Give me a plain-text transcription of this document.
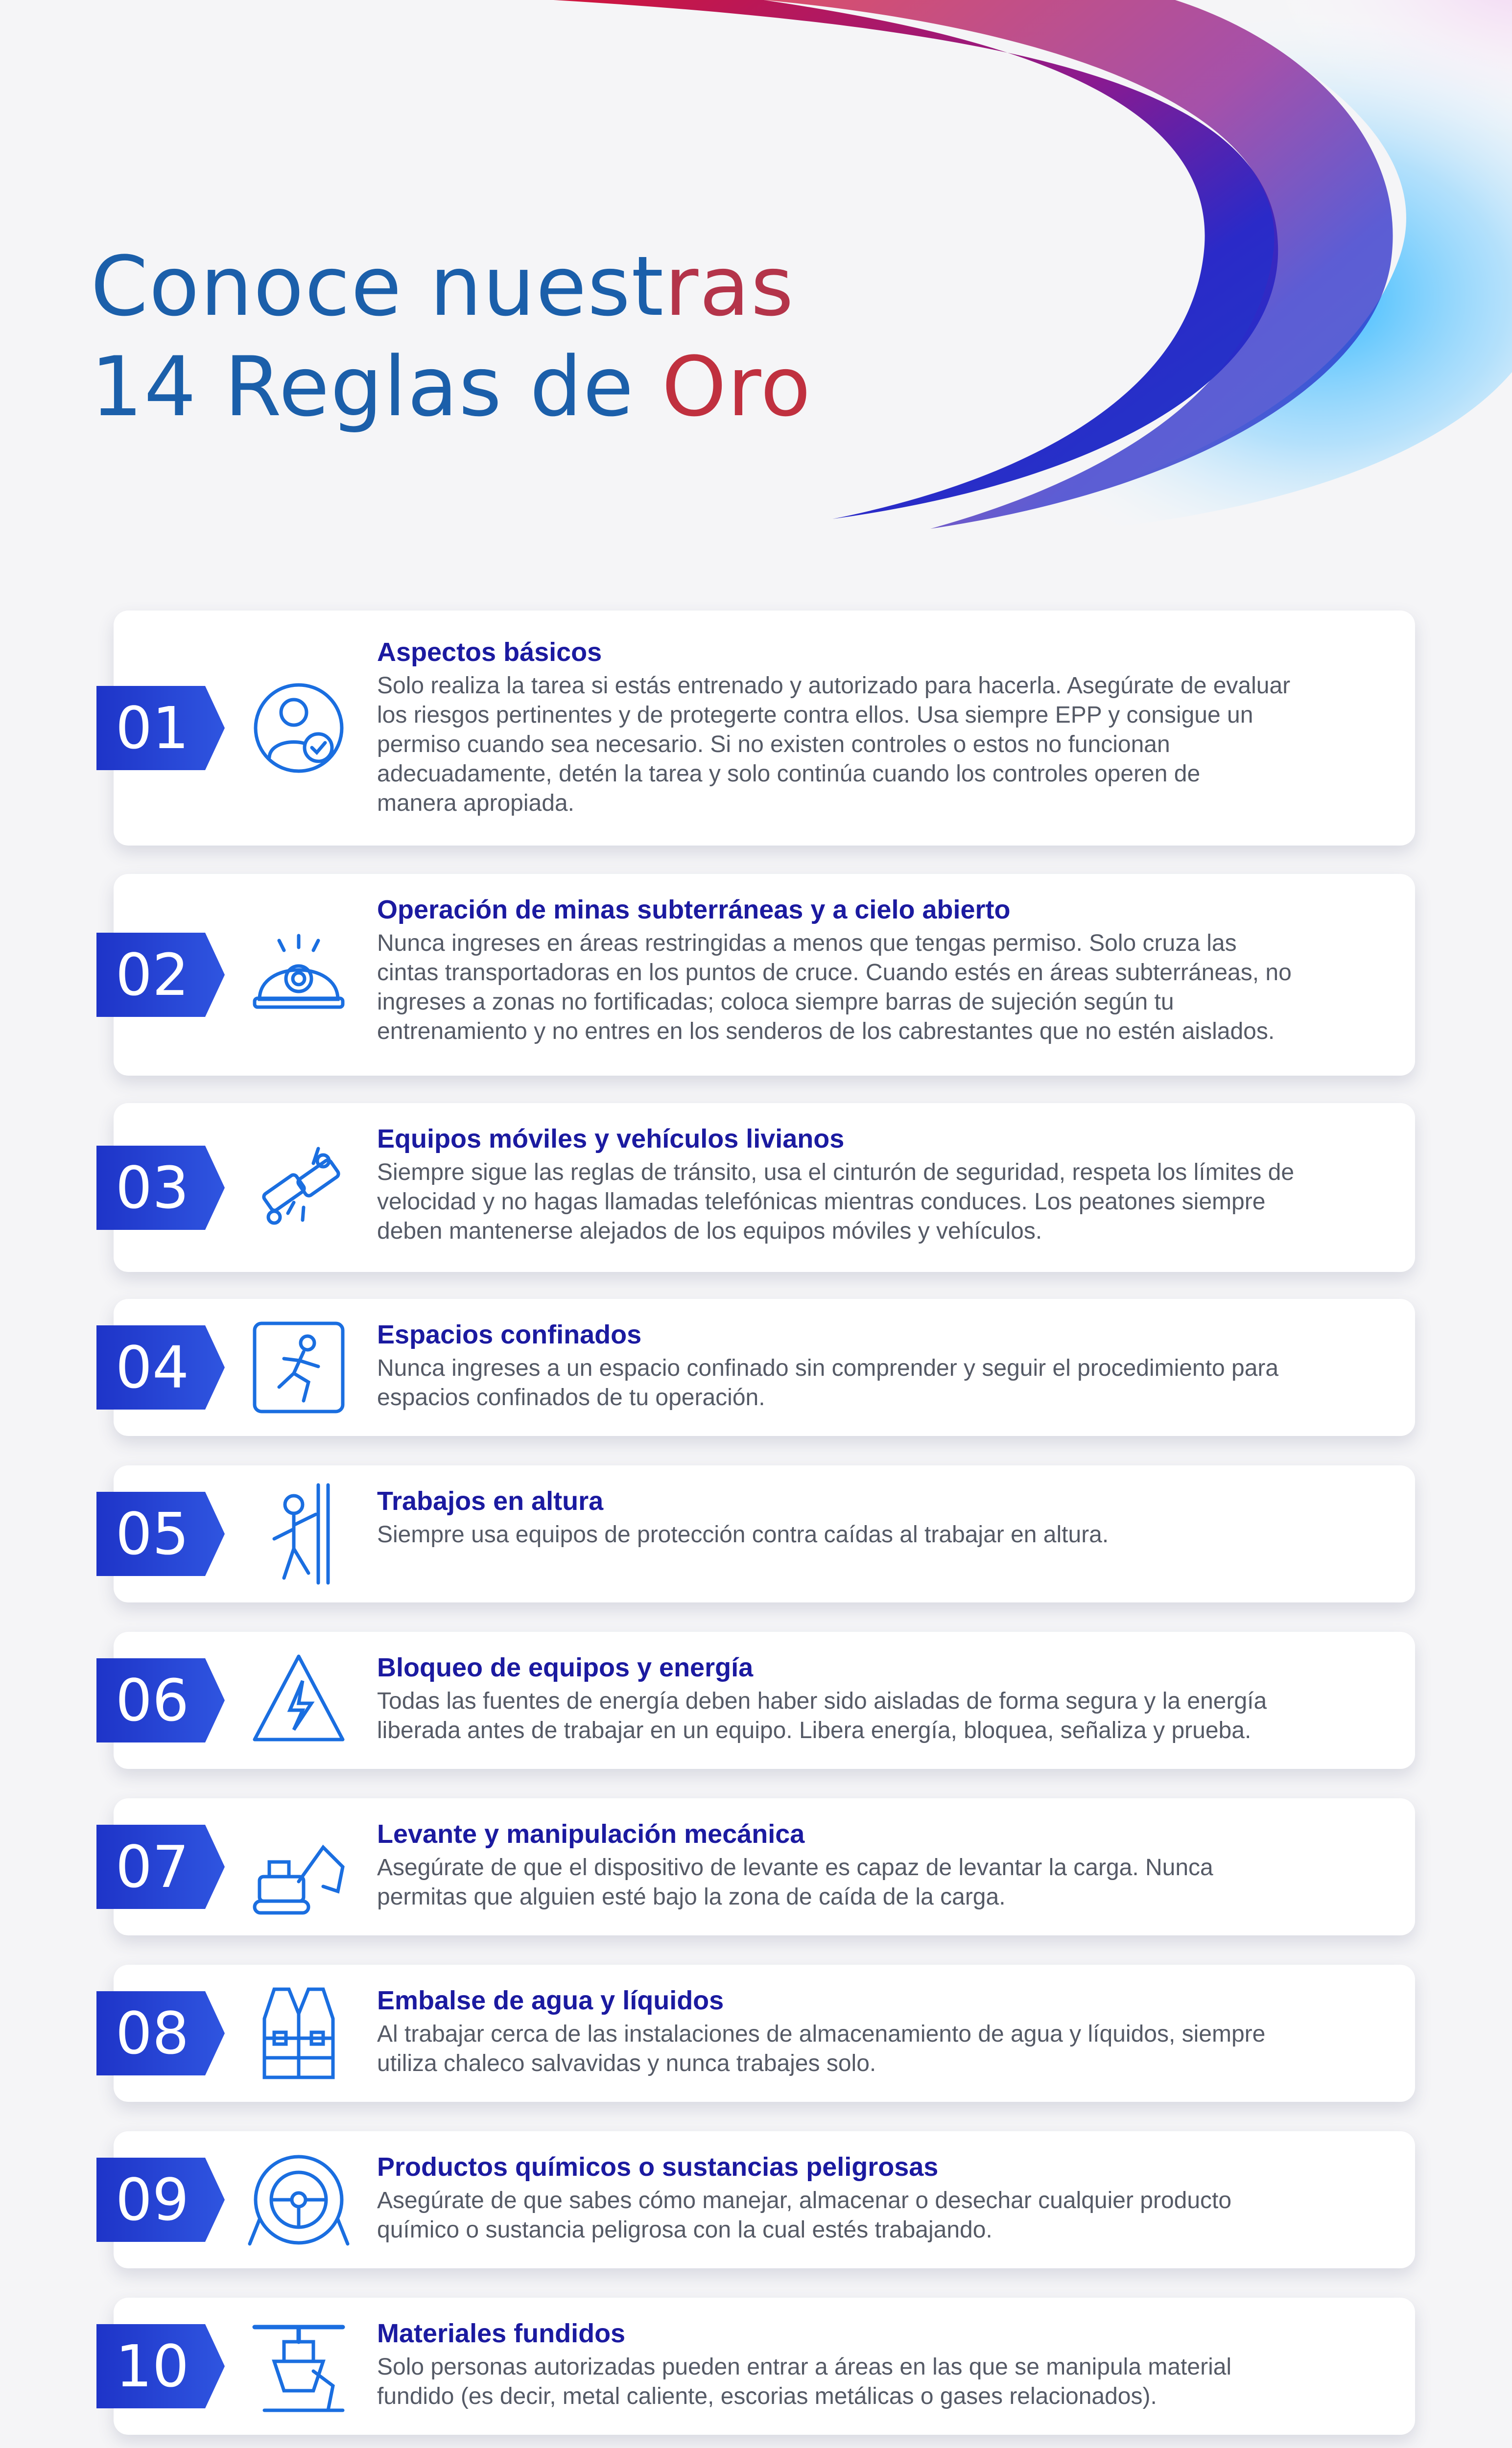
Conoce nuestras
14 Reglas de Oro
01
Aspectos básicos
Solo realiza la tarea si estás entrenado y autorizado para hacerla. Asegúrate de evaluar
los riesgos pertinentes y de protegerte contra ellos. Usa siempre EPP y consigue un
permiso cuando sea necesario. Si no existen controles o estos no funcionan
adecuadamente, detén la tarea y solo continúa cuando los controles operen de
manera apropiada.
02
Operación de minas subterráneas y a cielo abierto
Nunca ingreses en áreas restringidas a menos que tengas permiso. Solo cruza las
cintas transportadoras en los puntos de cruce. Cuando estés en áreas subterráneas, no
ingreses a zonas no fortificadas; coloca siempre barras de sujeción según tu
entrenamiento y no entres en los senderos de los cabrestantes que no estén aislados.
03
Equipos móviles y vehículos livianos
Siempre sigue las reglas de tránsito, usa el cinturón de seguridad, respeta los límites de
velocidad y no hagas llamadas telefónicas mientras conduces. Los peatones siempre
deben mantenerse alejados de los equipos móviles y vehículos.
04	Espacios confinados
Nunca ingreses a un espacio confinado sin comprender y seguir el procedimiento para
espacios confinados de tu operación.
05	Trabajos en altura
Siempre usa equipos de protección contra caídas al trabajar en altura.
06	Bloqueo de equipos y energía
Todas las fuentes de energía deben haber sido aisladas de forma segura y la energía
liberada antes de trabajar en un equipo. Libera energía, bloquea, señaliza y prueba.
07	Levante y manipulación mecánica
Asegúrate de que el dispositivo de levante es capaz de levantar la carga. Nunca
permitas que alguien esté bajo la zona de caída de la carga.
08	Embalse de agua y líquidos
Al trabajar cerca de las instalaciones de almacenamiento de agua y líquidos, siempre
utiliza chaleco salvavidas y nunca trabajes solo.
09	Productos químicos o sustancias peligrosas
Asegúrate de que sabes cómo manejar, almacenar o desechar cualquier producto
químico o sustancia peligrosa con la cual estés trabajando.
10	Materiales fundidos
Solo personas autorizadas pueden entrar a áreas en las que se manipula material
fundido (es decir, metal caliente, escorias metálicas o gases relacionados).
